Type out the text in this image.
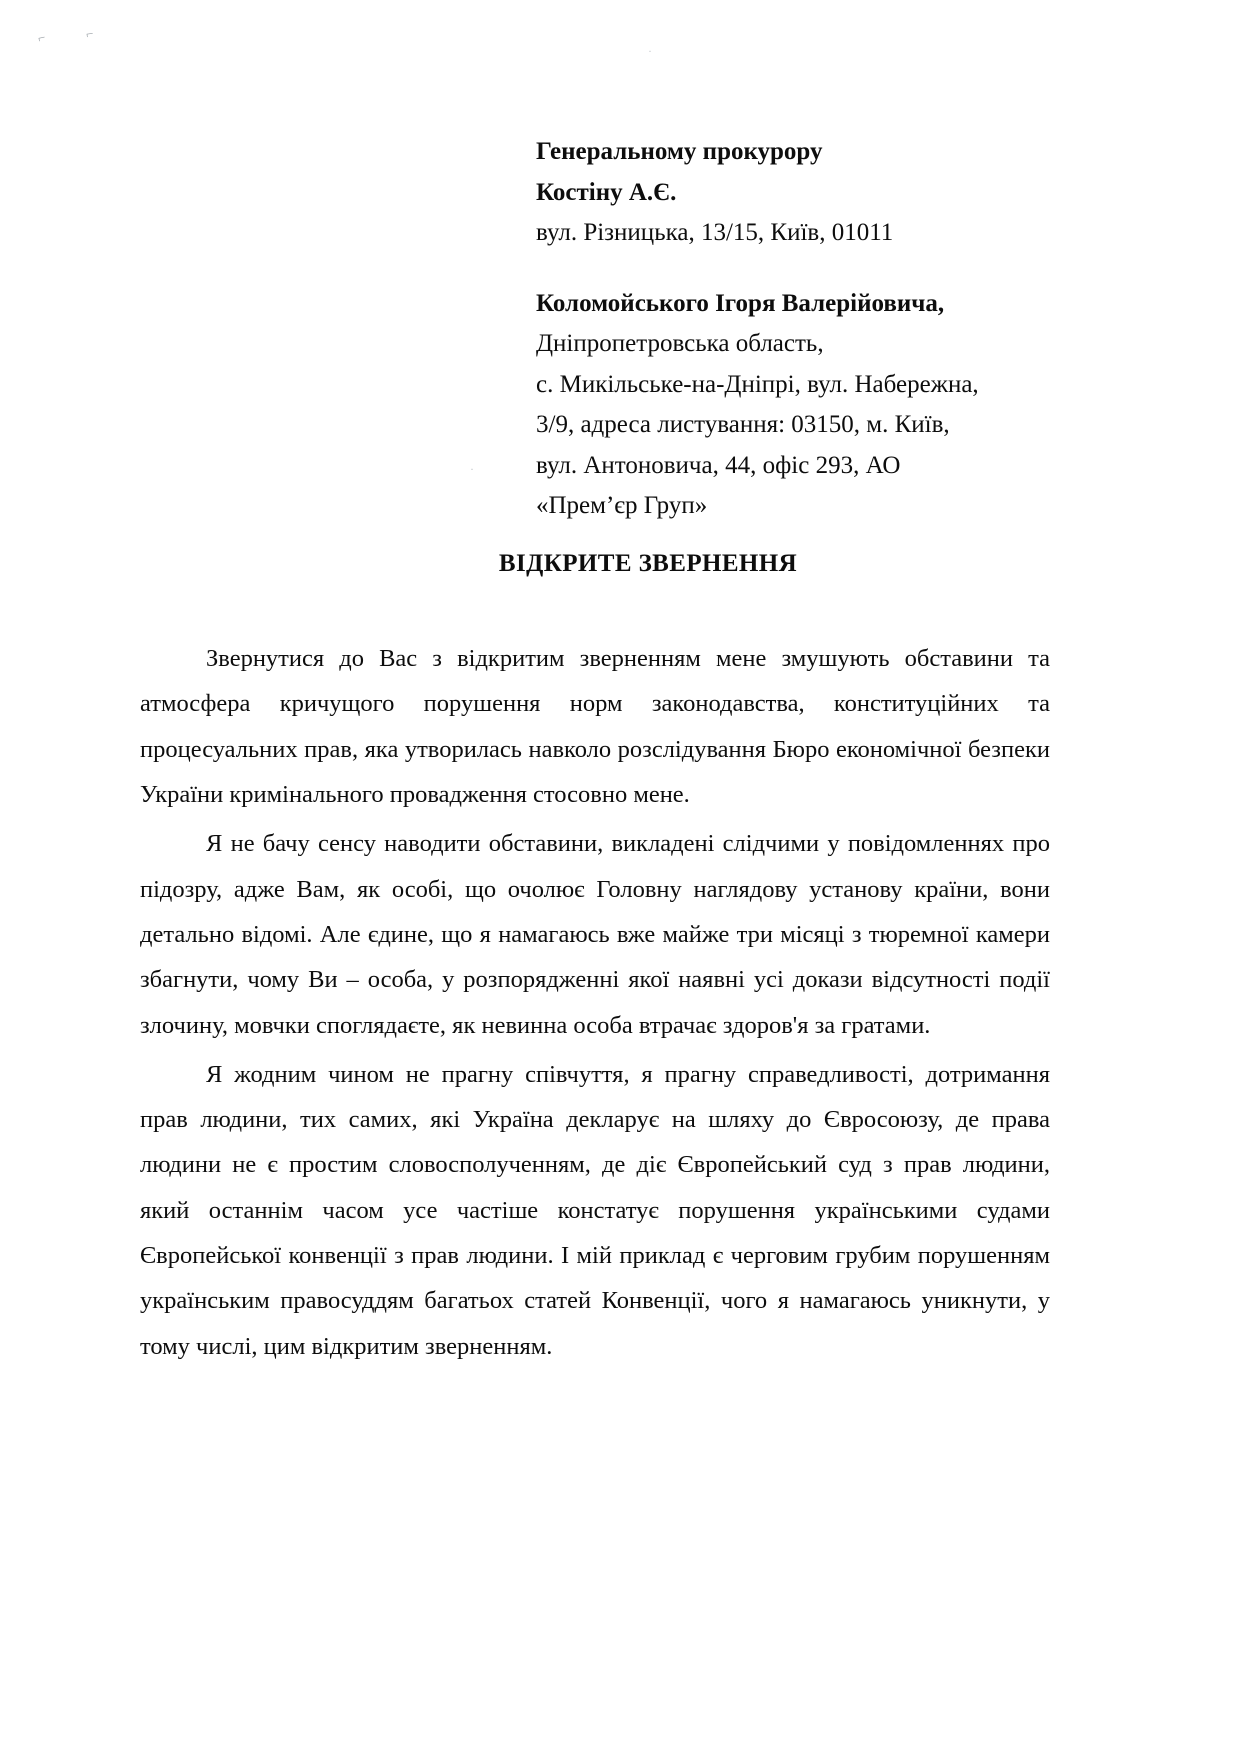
⌐	⌐
·
·
Генеральному прокурору
Костіну А.Є.
вул. Різницька, 13/15, Київ, 01011
Коломойського Ігоря Валерійовича,
Дніпропетровська область,
с. Микільське-на-Дніпрі, вул. Набережна,
3/9, адреса листування: 03150, м. Київ,
вул. Антоновича, 44, офіс 293, АО
«Прем’єр Груп»
ВІДКРИТЕ ЗВЕРНЕННЯ

Звернутися до Вас з відкритим зверненням мене змушують обставини та атмосфера кричущого порушення норм законодавства, конституційних та процесуальних прав, яка утворилась навколо розслідування Бюро економічної безпеки України кримінального провадження стосовно мене.

Я не бачу сенсу наводити обставини, викладені слідчими у повідомленнях про підозру, адже Вам, як особі, що очолює Головну наглядову установу країни, вони детально відомі. Але єдине, що я намагаюсь вже майже три місяці з тюремної камери збагнути, чому Ви – особа, у розпорядженні якої наявні усі докази відсутності події злочину, мовчки споглядаєте, як невинна особа втрачає здоров'я за гратами.

Я жодним чином не прагну співчуття, я прагну справедливості, дотримання прав людини, тих самих, які Україна декларує на шляху до Євросоюзу, де права людини не є простим словосполученням, де діє Європейський суд з прав людини, який останнім часом усе частіше констатує порушення українськими судами Європейської конвенції з прав людини. І мій приклад є черговим грубим порушенням українським правосуддям багатьох статей Конвенції, чого я намагаюсь уникнути, у тому числі, цим відкритим зверненням.
